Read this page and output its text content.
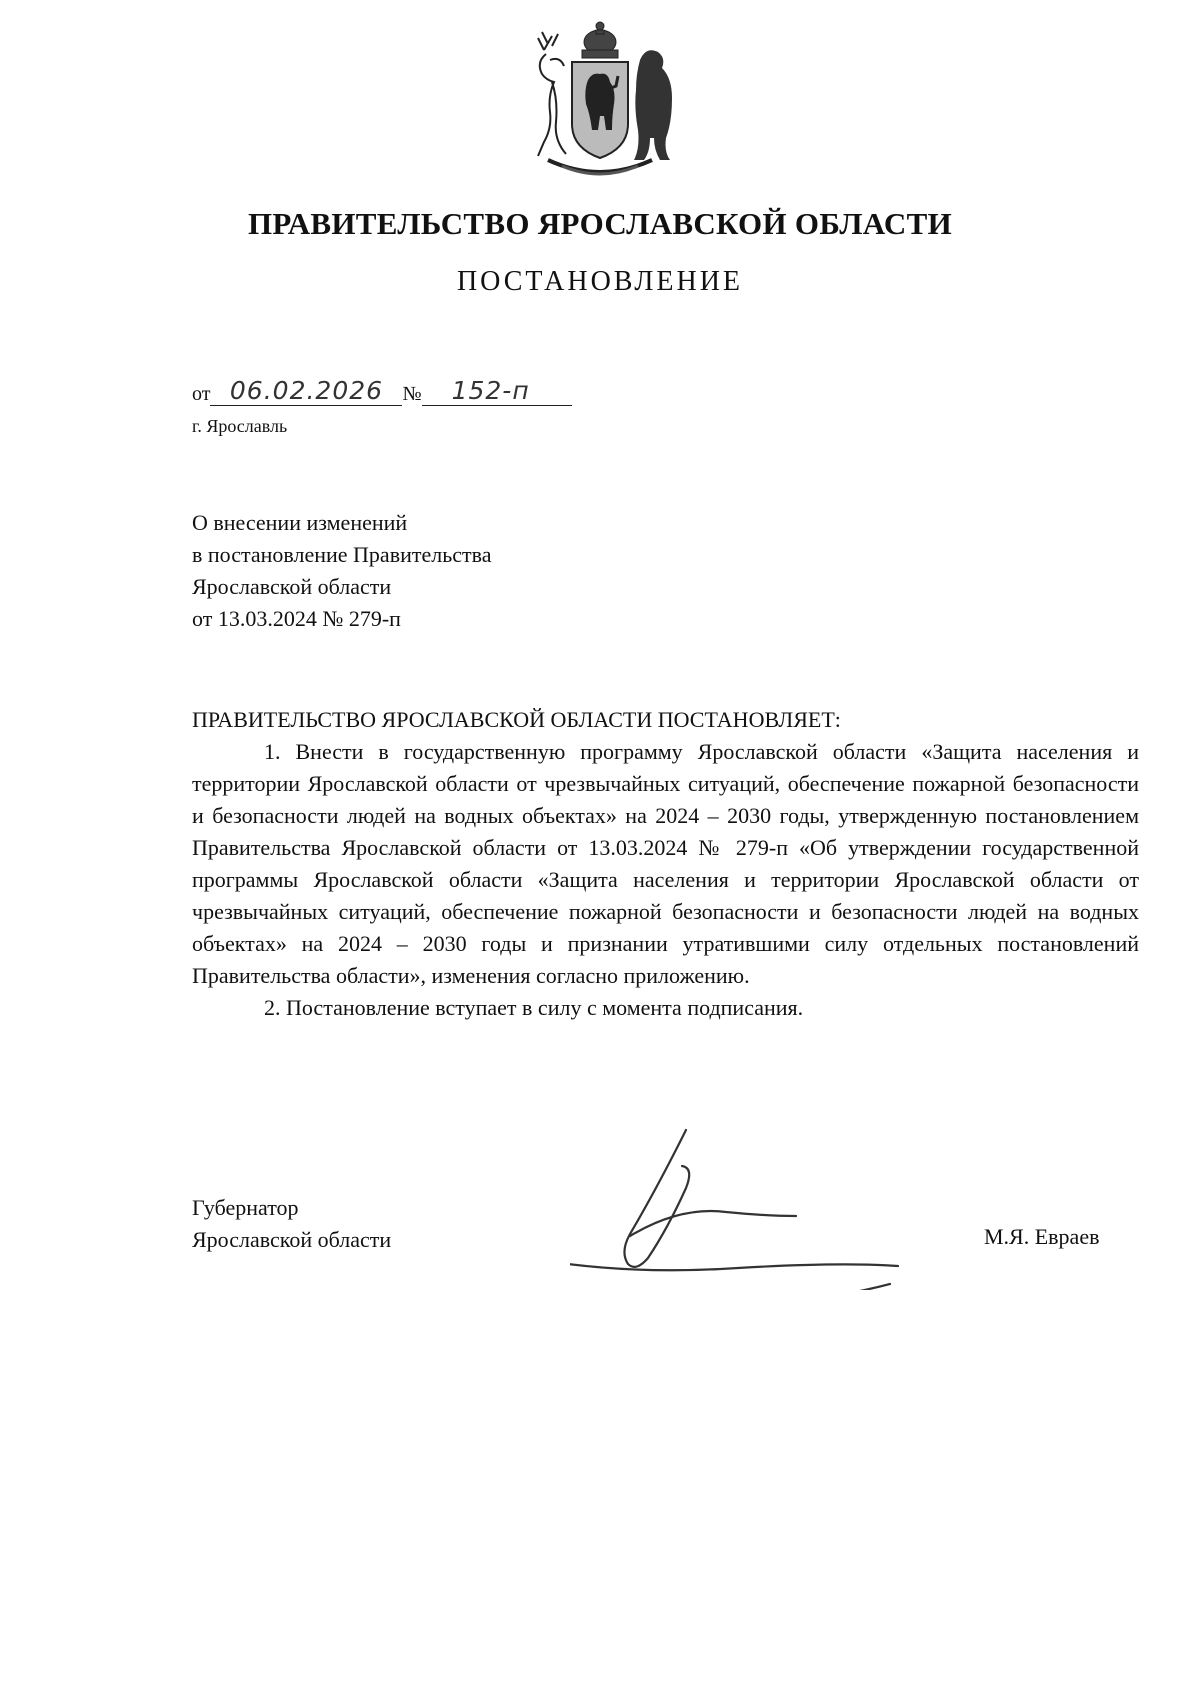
ПРАВИТЕЛЬСТВО ЯРОСЛАВСКОЙ ОБЛАСТИ
ПОСТАНОВЛЕНИЕ
от 06.02.2026 № 152-п
г. Ярославль
О внесении изменений
в постановление Правительства
Ярославской области
от 13.03.2024 № 279-п
ПРАВИТЕЛЬСТВО ЯРОСЛАВСКОЙ ОБЛАСТИ ПОСТАНОВЛЯЕТ:

1. Внести в государственную программу Ярославской области «Защита населения и территории Ярославской области от чрезвычайных ситуаций, обеспечение пожарной безопасности и безопасности людей на водных объектах» на 2024 – 2030 годы, утвержденную постановлением Правительства Ярославской области от 13.03.2024 № 279-п «Об утверждении государственной программы Ярославской области «Защита населения и территории Ярославской области от чрезвычайных ситуаций, обеспечение пожарной безопасности и безопасности людей на водных объектах» на 2024 – 2030 годы и признании утратившими силу отдельных постановлений Правительства области», изменения согласно приложению.

2. Постановление вступает в силу с момента подписания.

Губернатор
Ярославской области	М.Я. Евраев
